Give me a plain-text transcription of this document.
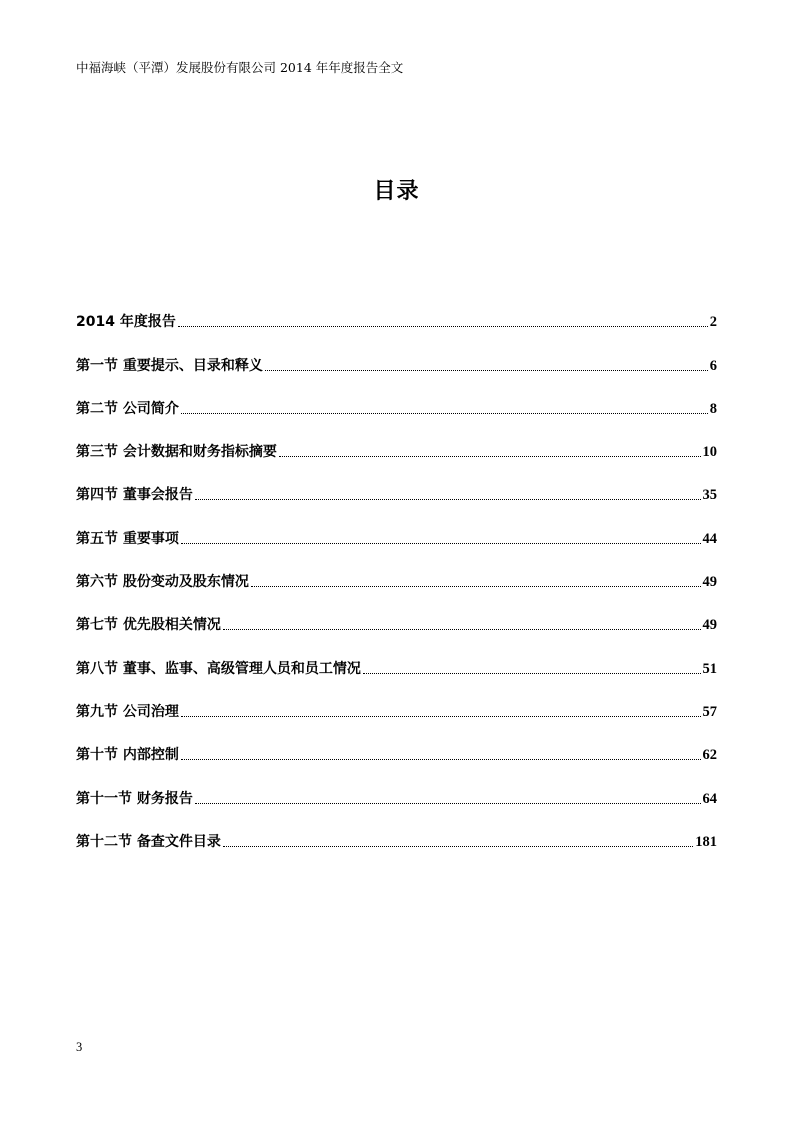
中福海峡（平潭）发展股份有限公司 2014 年年度报告全文
目录
2014 年度报告	2
第一节 重要提示、目录和释义	6
第二节 公司简介	8
第三节 会计数据和财务指标摘要	10
第四节 董事会报告	35
第五节 重要事项	44
第六节 股份变动及股东情况	49
第七节 优先股相关情况	49
第八节 董事、监事、高级管理人员和员工情况	51
第九节 公司治理	57
第十节 内部控制	62
第十一节 财务报告	64
第十二节 备查文件目录	181
3
